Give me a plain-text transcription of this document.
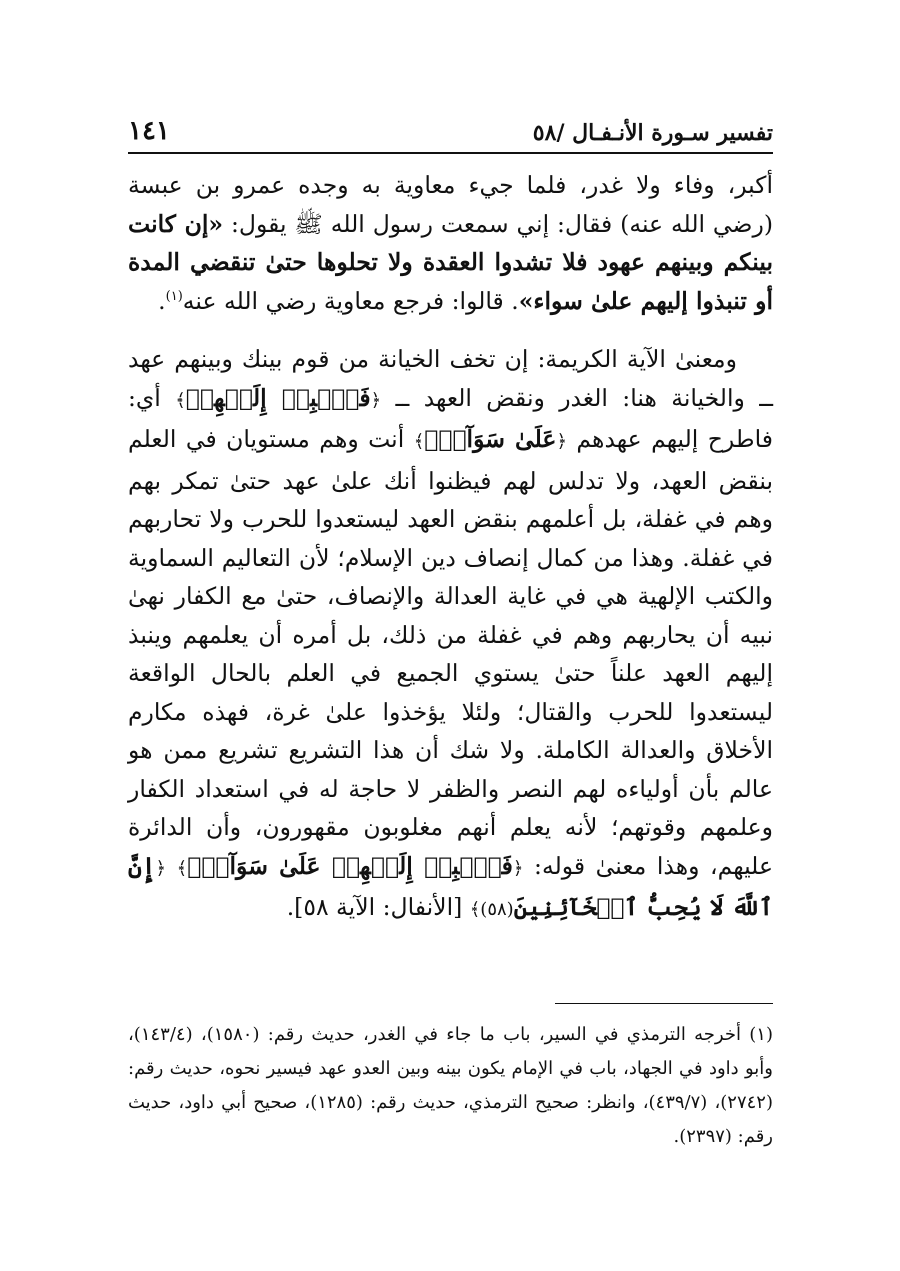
تفسير سـورة الأنـفـال /٥٨
١٤١

أكبر، وفاء ولا غدر، فلما جيء معاوية به وجده عمرو بن عبسة (رضي الله عنه) فقال: إني سمعت رسول الله ﷺ يقول: «إن كانت بينكم وبينهم عهود فلا تشدوا العقدة ولا تحلوها حتىٰ تنقضي المدة أو تنبذوا إليهم علىٰ سواء». قالوا: فرجع معاوية رضي الله عنه$^{(١)}$.

ومعنىٰ الآية الكريمة: إن تخف الخيانة من قوم بينك وبينهم عهد ــ والخيانة هنا: الغدر ونقض العهد ــ ﴿فَٱنۢبِذۡ إِلَيۡهِمۡ﴾ أي: فاطرح إليهم عهدهم ﴿عَلَىٰ سَوَآءٍۚ﴾ أنت وهم مستويان في العلم بنقض العهد، ولا تدلس لهم فيظنوا أنك علىٰ عهد حتىٰ تمكر بهم وهم في غفلة، بل أعلمهم بنقض العهد ليستعدوا للحرب ولا تحاربهم في غفلة. وهذا من كمال إنصاف دين الإسلام؛ لأن التعاليم السماوية والكتب الإلهية هي في غاية العدالة والإنصاف، حتىٰ مع الكفار نهىٰ نبيه أن يحاربهم وهم في غفلة من ذلك، بل أمره أن يعلمهم وينبذ إليهم العهد علناً حتىٰ يستوي الجميع في العلم بالحال الواقعة ليستعدوا للحرب والقتال؛ ولئلا يؤخذوا علىٰ غرة، فهذه مكارم الأخلاق والعدالة الكاملة. ولا شك أن هذا التشريع تشريع ممن هو عالم بأن أولياءه لهم النصر والظفر لا حاجة له في استعداد الكفار وعلمهم وقوتهم؛ لأنه يعلم أنهم مغلوبون مقهورون، وأن الدائرة عليهم، وهذا معنىٰ قوله: ﴿فَٱنۢبِذۡ إِلَيۡهِمۡ عَلَىٰ سَوَآءٍۚ﴾ ﴿إِنَّ ٱللَّهَ لَا يُحِبُّ ٱلۡخَآئِنِينَ(٥٨)﴾ [الأنفال: الآية ٥٨].

(١) أخرجه الترمذي في السير، باب ما جاء في الغدر، حديث رقم: (١٥٨٠)، (١٤٣/٤)، وأبو داود في الجهاد، باب في الإمام يكون بينه وبين العدو عهد فيسير نحوه، حديث رقم: (٢٧٤٢)، (٤٣٩/٧)، وانظر: صحيح الترمذي، حديث رقم: (١٢٨٥)، صحيح أبي داود، حديث رقم: (٢٣٩٧).
